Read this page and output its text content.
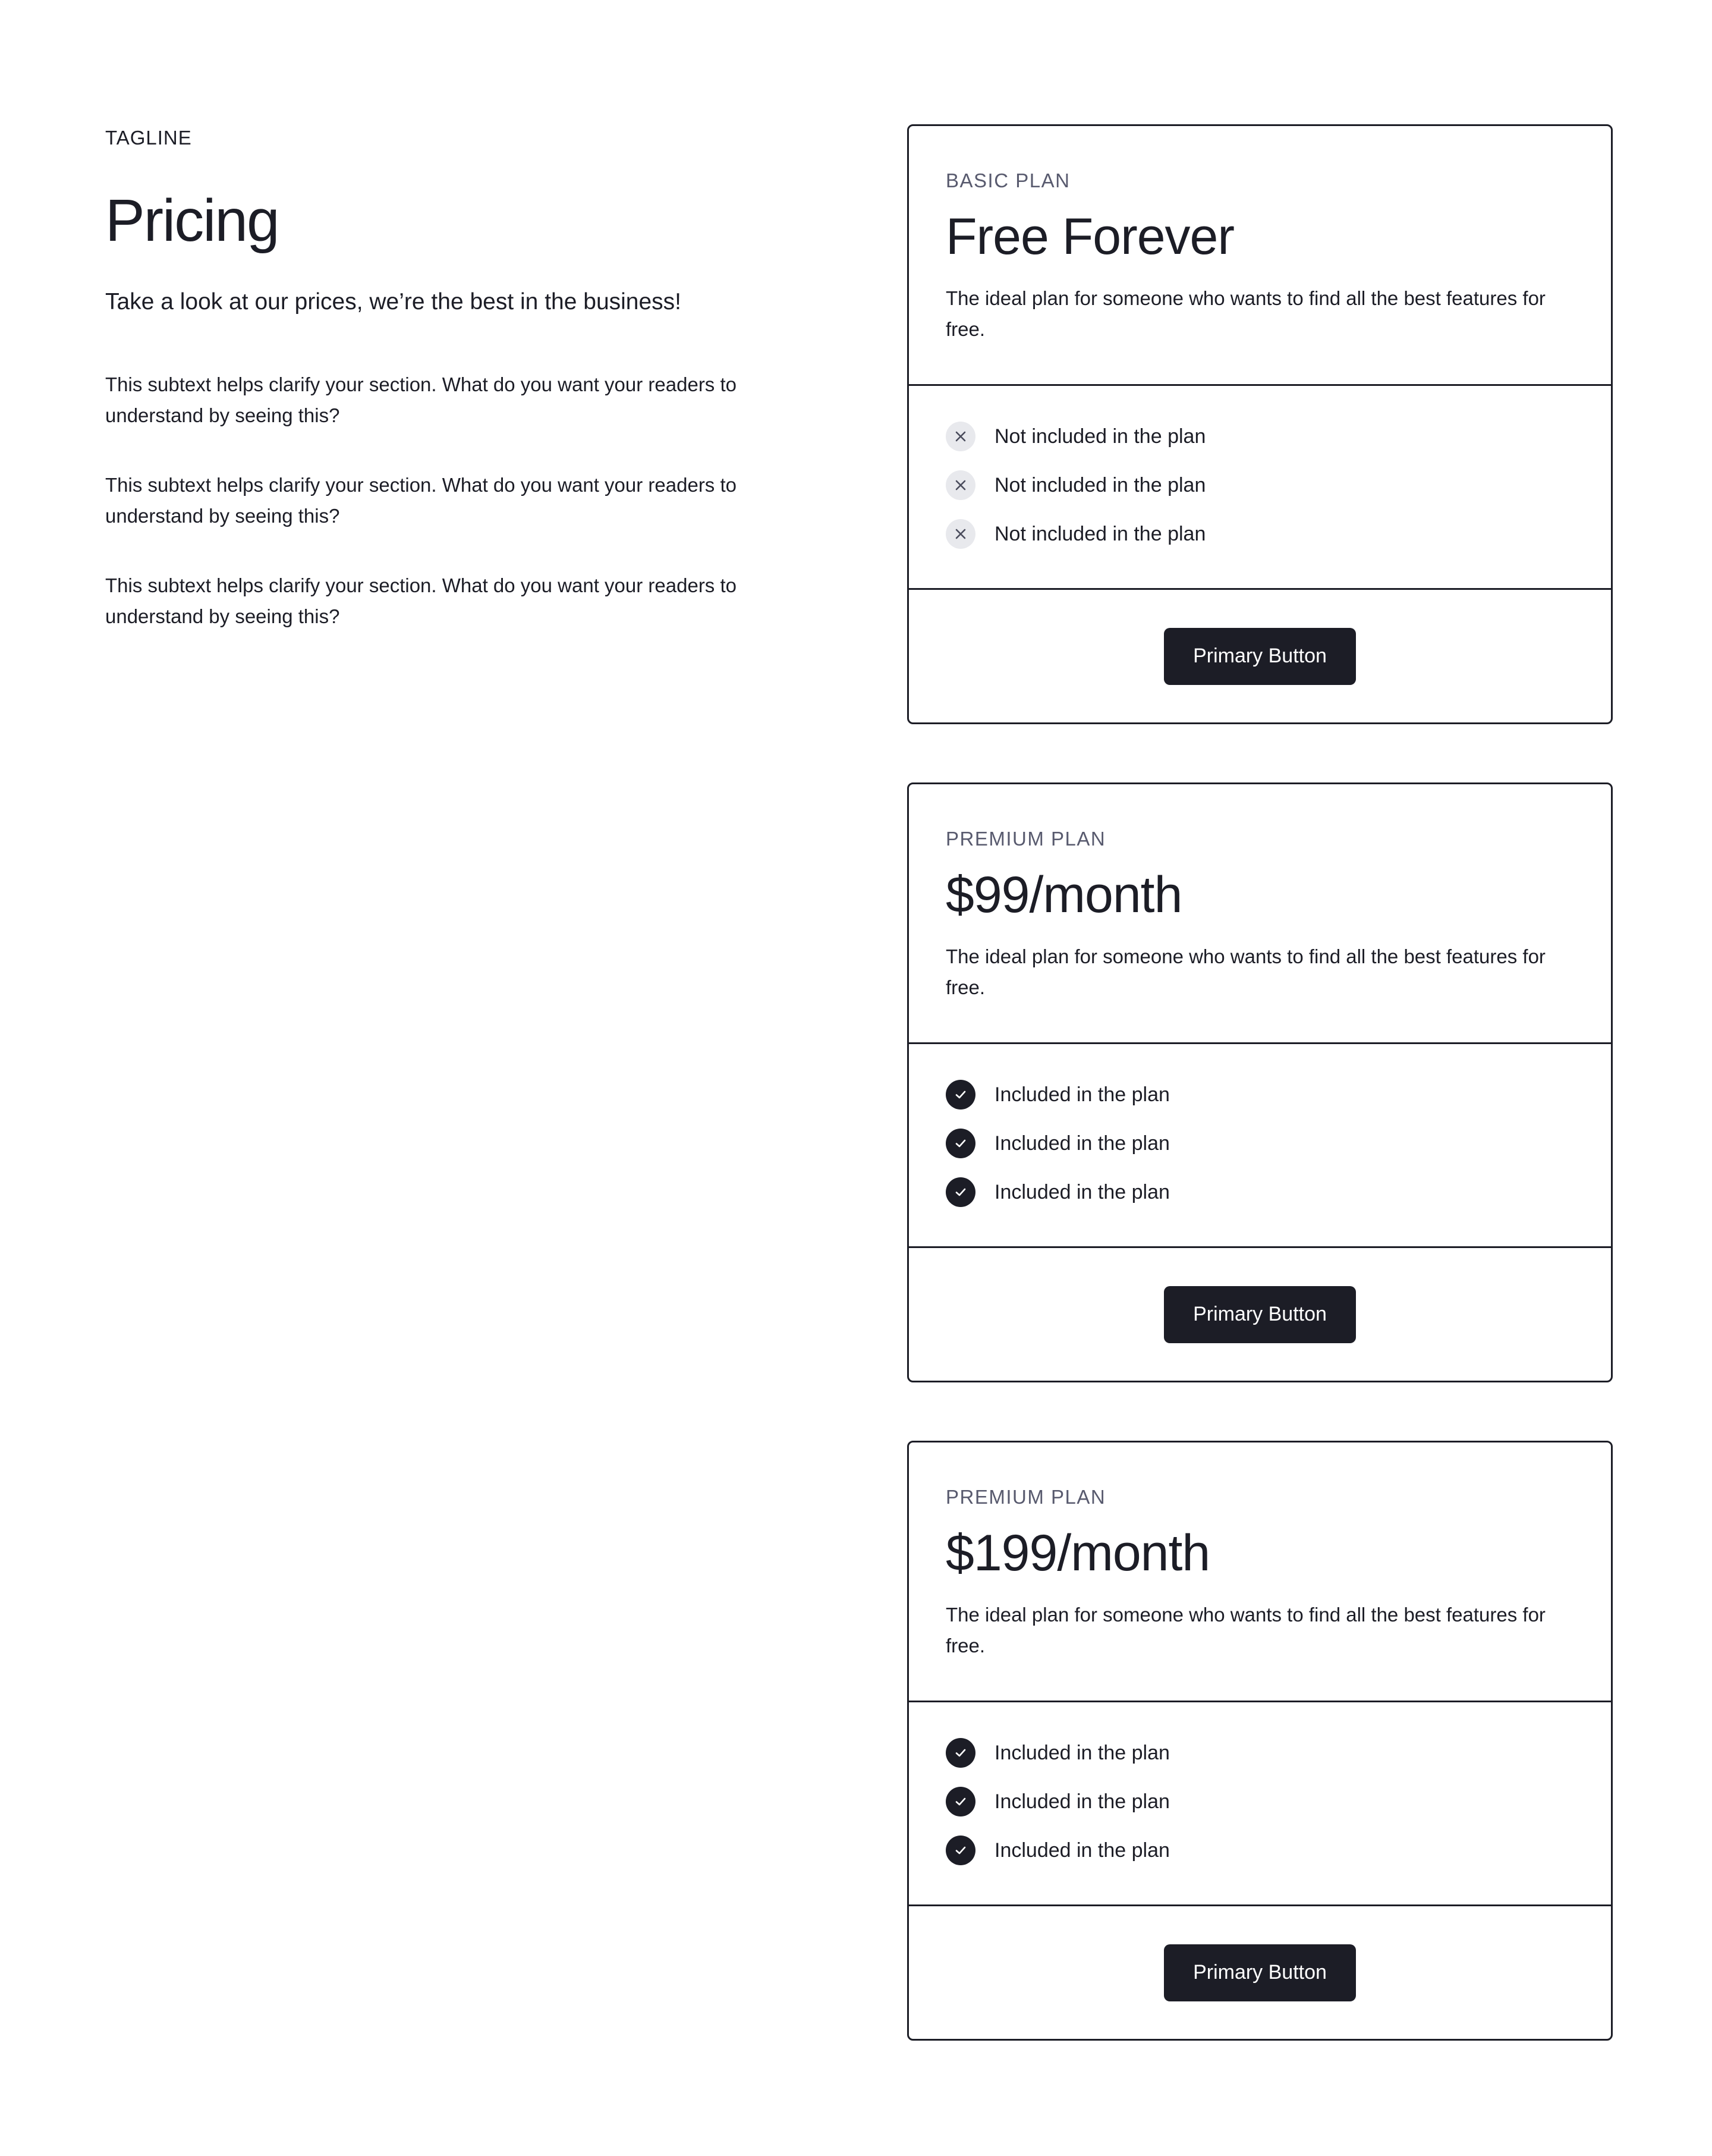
TAGLINE
Pricing

Take a look at our prices, we’re the best in the business!

This subtext helps clarify your section. What do you want your readers to understand by seeing this?

This subtext helps clarify your section. What do you want your readers to understand by seeing this?

This subtext helps clarify your section. What do you want your readers to understand by seeing this?

BASIC PLAN
Free Forever

The ideal plan for someone who wants to find all the best features for free.

Not included in the plan
Not included in the plan
Not included in the plan
Primary Button
PREMIUM PLAN
$99/month

The ideal plan for someone who wants to find all the best features for free.

Included in the plan
Included in the plan
Included in the plan
Primary Button
PREMIUM PLAN
$199/month

The ideal plan for someone who wants to find all the best features for free.

Included in the plan
Included in the plan
Included in the plan
Primary Button
